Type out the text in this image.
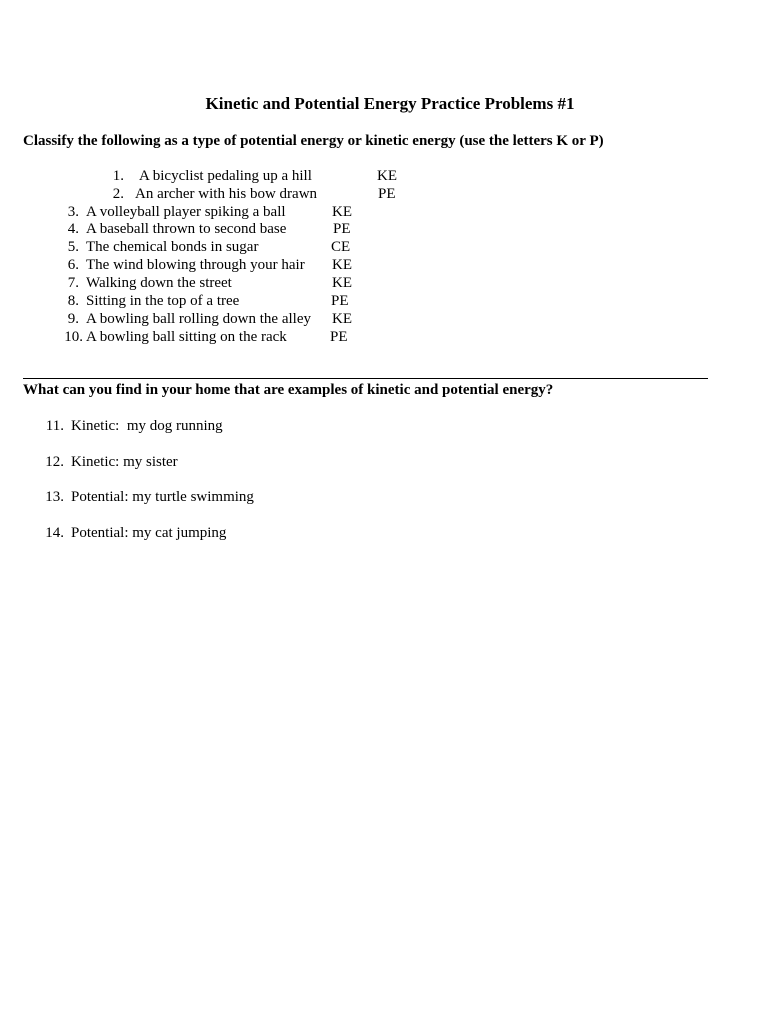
Kinetic and Potential Energy Practice Problems #1
Classify the following as a type of potential energy or kinetic energy (use the letters K or P)
1. A bicyclist pedaling up a hill	KE
2. An archer with his bow drawn	PE
3. A volleyball player spiking a ball	KE
4. A baseball thrown to second base	PE
5. The chemical bonds in sugar	CE
6. The wind blowing through your hair KE
7. Walking down the street	KE
8. Sitting in the top of a tree	PE
9. A bowling ball rolling down the alley KE
10. A bowling ball sitting on the rack	PE
What can you find in your home that are examples of kinetic and potential energy?
11. Kinetic:  my dog running
12. Kinetic: my sister
13. Potential: my turtle swimming
14. Potential: my cat jumping
